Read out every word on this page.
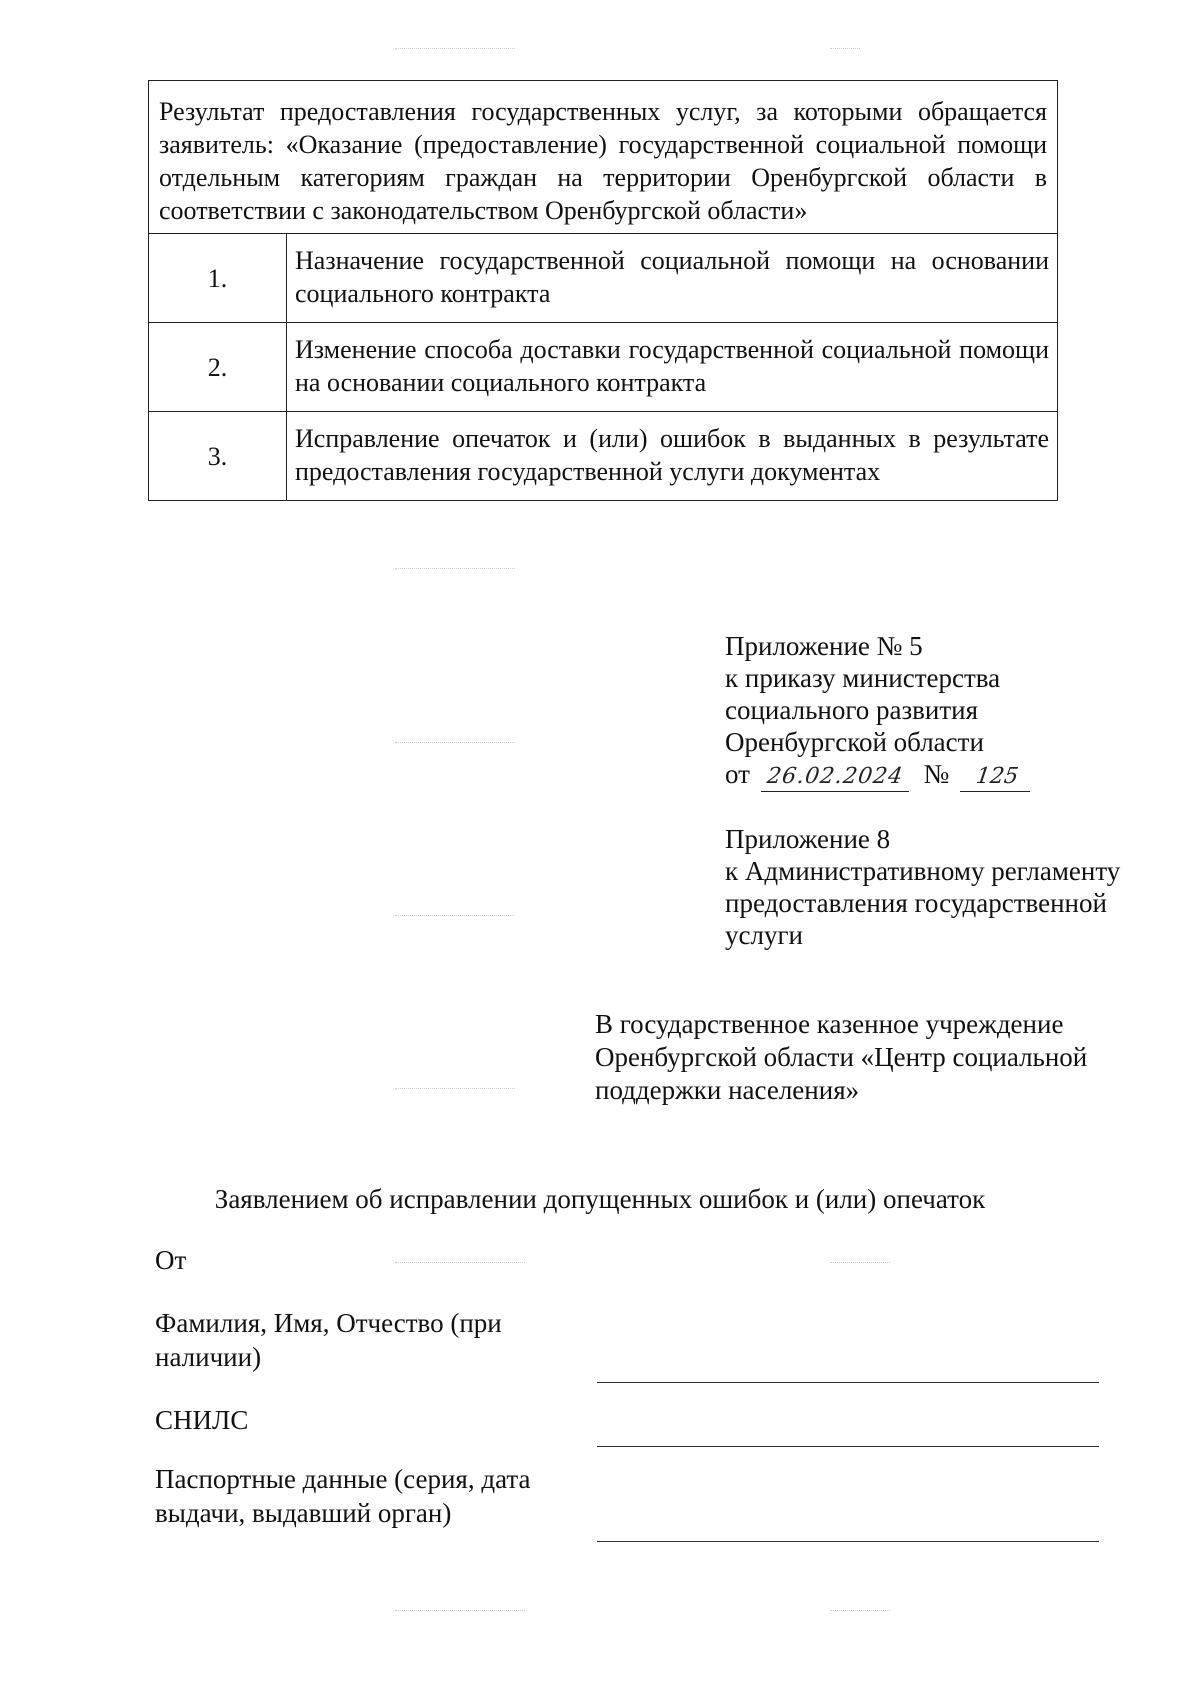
Результат предоставления государственных услуг, за которыми обращается заявитель: «Оказание (предоставление) государственной социальной помощи отдельным категориям граждан на территории Оренбургской области в соответствии с законодательством Оренбургской области»	
1.	Назначение государственной социальной помощи на основании социального контракта
2.	Изменение способа доставки государственной социальной помощи на основании социального контракта
3.	Исправление опечаток и (или) ошибок в выданных в результате предоставления государственной услуги документах
Приложение № 5
к приказу министерства
социального развития
Оренбургской области
от 26.02.2024 № 125
Приложение 8
к Административному регламенту
предоставления государственной
услуги
В государственное казенное учреждение
Оренбургской области «Центр социальной
поддержки населения»
Заявлением об исправлении допущенных ошибок и (или) опечаток
От
Фамилия, Имя, Отчество (при
наличии)
СНИЛС
Паспортные данные (серия, дата
выдачи, выдавший орган)
